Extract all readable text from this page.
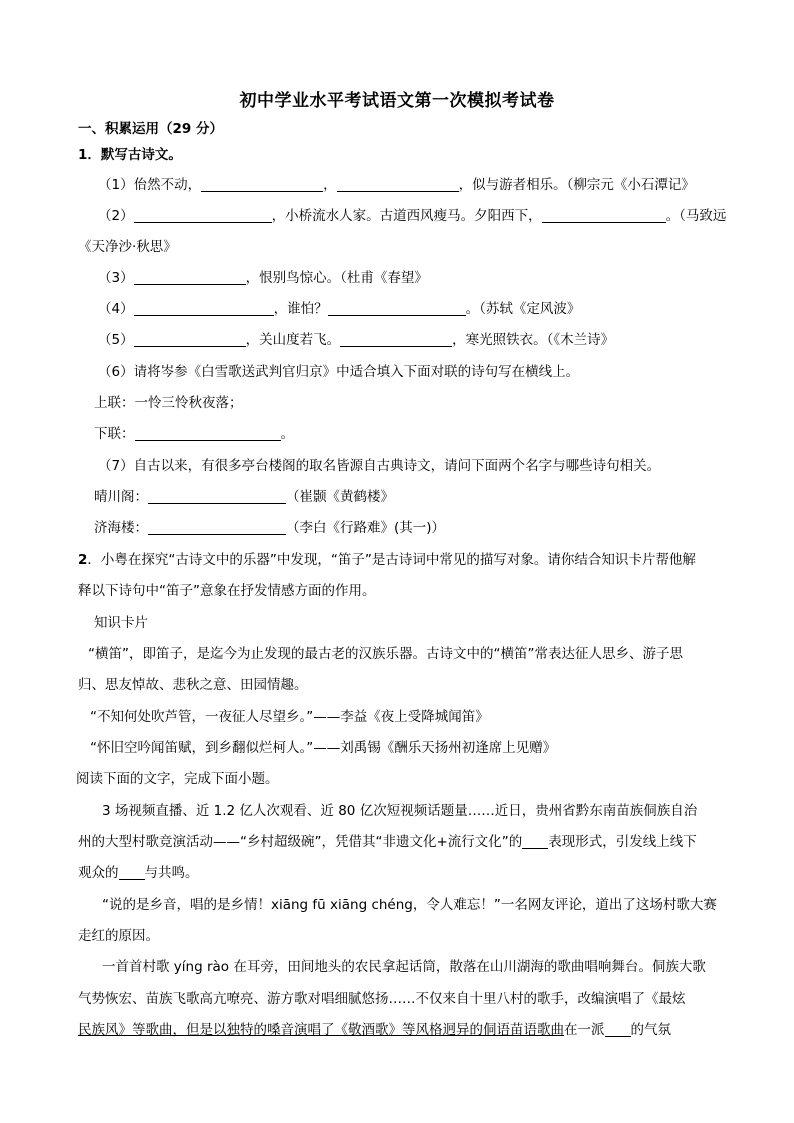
初中学业水平考试语文第一次模拟考试卷
一、积累运用（29 分）
1．默写古诗文。
（1）佁然不动，	，	，似与游者相乐。（柳宗元《小石潭记》
（2）	，小桥流水人家。古道西风瘦马。夕阳西下，	。（马致远
《天净沙·秋思》
（3）	，恨别鸟惊心。（杜甫《春望》
（4）	，谁怕？	。（苏轼《定风波》
（5）	，关山度若飞。	，寒光照铁衣。（《木兰诗》
（6）请将岑参《白雪歌送武判官归京》中适合填入下面对联的诗句写在横线上。
上联：一怜三怜秋夜落；
下联：	。
（7）自古以来，有很多亭台楼阁的取名皆源自古典诗文，请问下面两个名字与哪些诗句相关。
晴川阁：	（崔颢《黄鹤楼》
济海楼：	（李白《行路难》(其一)）
2．小粤在探究“古诗文中的乐器”中发现，“笛子”是古诗词中常见的描写对象。请你结合知识卡片帮他解
释以下诗句中“笛子”意象在抒发情感方面的作用。
知识卡片
“横笛”，即笛子，是迄今为止发现的最古老的汉族乐器。古诗文中的“横笛”常表达征人思乡、游子思
归、思友悼故、悲秋之意、田园情趣。
“不知何处吹芦管，一夜征人尽望乡。”——李益《夜上受降城闻笛》
“怀旧空吟闻笛赋，到乡翻似烂柯人。”——刘禹锡《酬乐天扬州初逢席上见赠》
阅读下面的文字，完成下面小题。
3 场视频直播、近 1.2 亿人次观看、近 80 亿次短视频话题量……近日，贵州省黔东南苗族侗族自治
州的大型村歌竞演活动——“乡村超级碗”，凭借其“非遗文化+流行文化”的 表现形式，引发线上线下
观众的 与共鸣。
“说的是乡音，唱的是乡情！xiāng fū xiāng chéng，令人难忘！”一名网友评论，道出了这场村歌大赛
走红的原因。
一首首村歌 yíng rào 在耳旁，田间地头的农民拿起话筒，散落在山川湖海的歌曲唱响舞台。侗族大歌
气势恢宏、苗族飞歌高亢嘹亮、游方歌对唱细腻悠扬……不仅来自十里八村的歌手，改编演唱了《最炫
民族风》等歌曲，但是以独特的嗓音演唱了《敬酒歌》等风格迥异的侗语苗语歌曲在一派 的气氛
